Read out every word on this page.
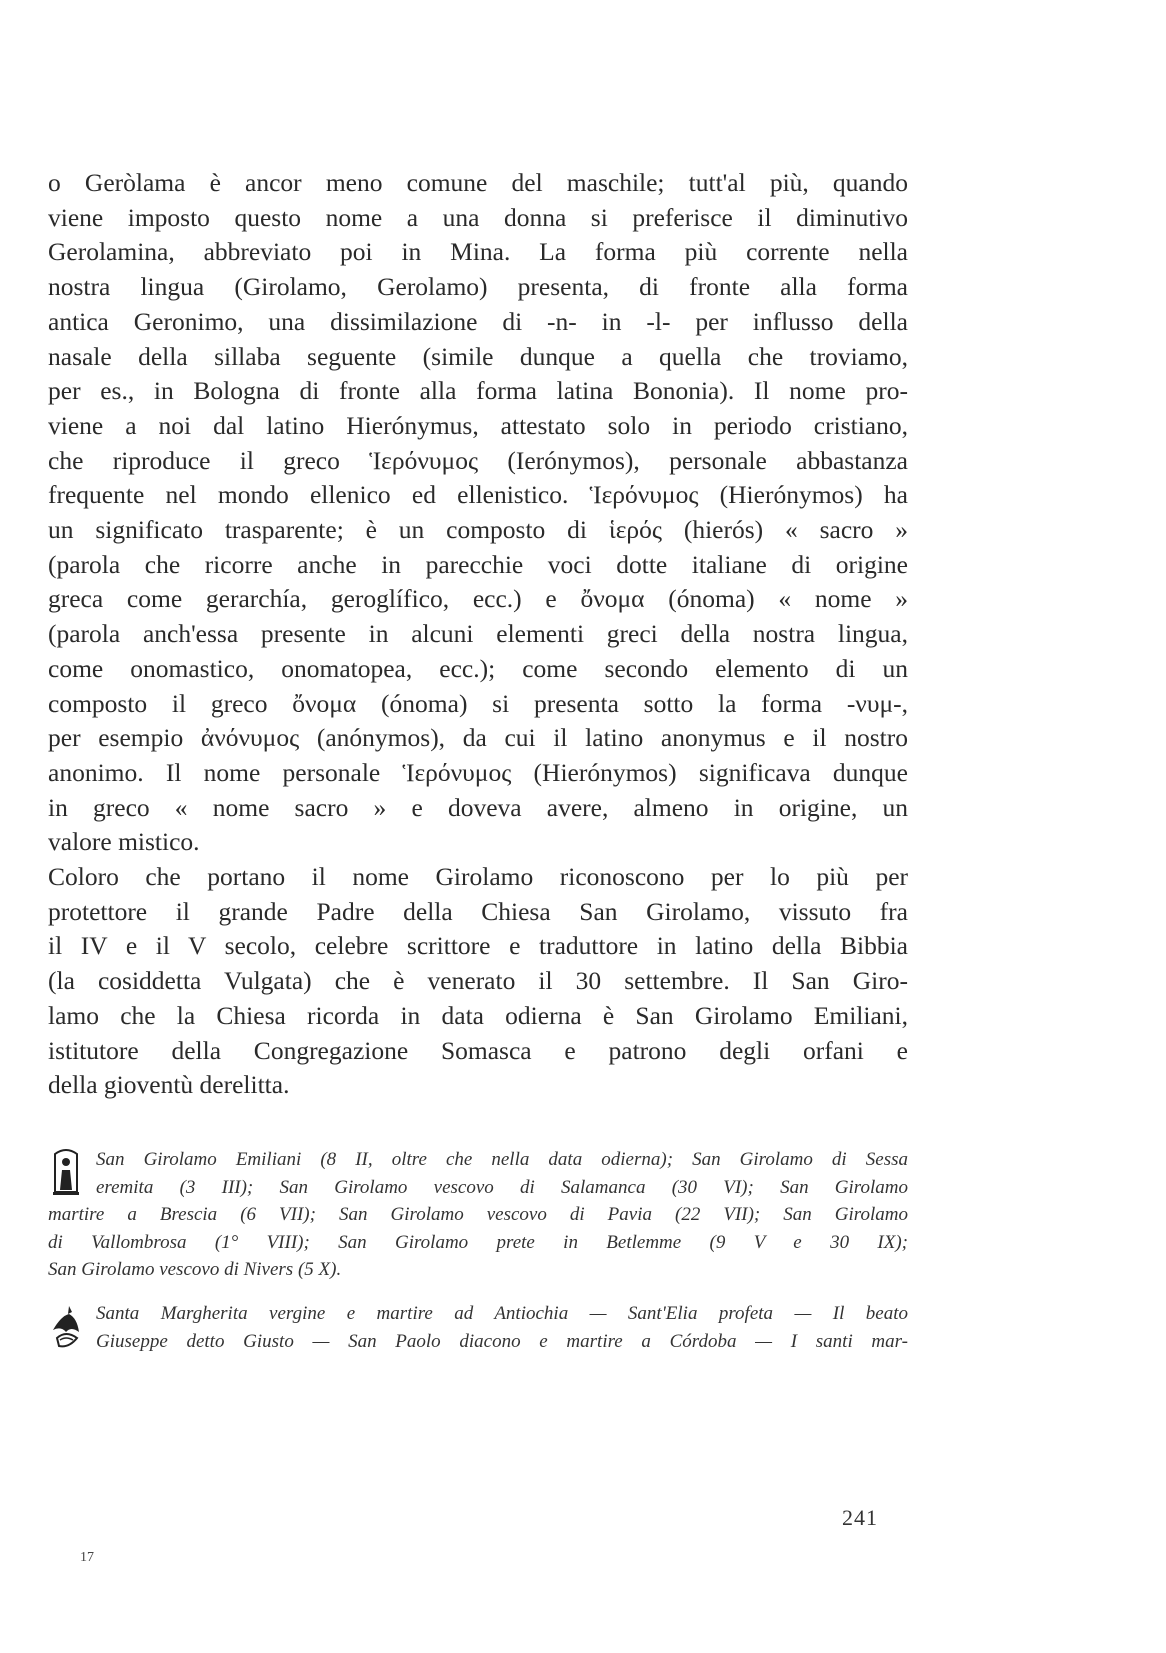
o Geròlama è ancor meno comune del maschile; tutt'al più, quando
viene imposto questo nome a una donna si preferisce il diminutivo
Gerolamina, abbreviato poi in Mina. La forma più corrente nella
nostra lingua (Girolamo, Gerolamo) presenta, di fronte alla forma
antica Geronimo, una dissimilazione di -n- in -l- per influsso della
nasale della sillaba seguente (simile dunque a quella che troviamo,
per es., in Bologna di fronte alla forma latina Bononia). Il nome pro-
viene a noi dal latino Hierónymus, attestato solo in periodo cristiano,
che riproduce il greco Ἱερόνυμος (Ierónymos), personale abbastanza
frequente nel mondo ellenico ed ellenistico. Ἱερόνυμος (Hierónymos) ha
un significato trasparente; è un composto di ἱερός (hierós) « sacro »
(parola che ricorre anche in parecchie voci dotte italiane di origine
greca come gerarchía, geroglífico, ecc.) e ὄνομα (ónoma) « nome »
(parola anch'essa presente in alcuni elementi greci della nostra lingua,
come onomastico, onomatopea, ecc.); come secondo elemento di un
composto il greco ὄνομα (ónoma) si presenta sotto la forma -νυμ-,
per esempio ἀνόνυμος (anónymos), da cui il latino anonymus e il nostro
anonimo. Il nome personale Ἱερόνυμος (Hierónymos) significava dunque
in greco « nome sacro » e doveva avere, almeno in origine, un
valore mistico.
Coloro che portano il nome Girolamo riconoscono per lo più per
protettore il grande Padre della Chiesa San Girolamo, vissuto fra
il IV e il V secolo, celebre scrittore e traduttore in latino della Bibbia
(la cosiddetta Vulgata) che è venerato il 30 settembre. Il San Giro-
lamo che la Chiesa ricorda in data odierna è San Girolamo Emiliani,
istitutore della Congregazione Somasca e patrono degli orfani e
della gioventù derelitta.
San Girolamo Emiliani (8 II, oltre che nella data odierna); San Girolamo di Sessa
eremita (3 III); San Girolamo vescovo di Salamanca (30 VI); San Girolamo
martire a Brescia (6 VII); San Girolamo vescovo di Pavia (22 VII); San Girolamo
di Vallombrosa (1° VIII); San Girolamo prete in Betlemme (9 V e 30 IX);
San Girolamo vescovo di Nivers (5 X).
Santa Margherita vergine e martire ad Antiochia — Sant'Elia profeta — Il beato
Giuseppe detto Giusto — San Paolo diacono e martire a Córdoba — I santi mar-
241
17
